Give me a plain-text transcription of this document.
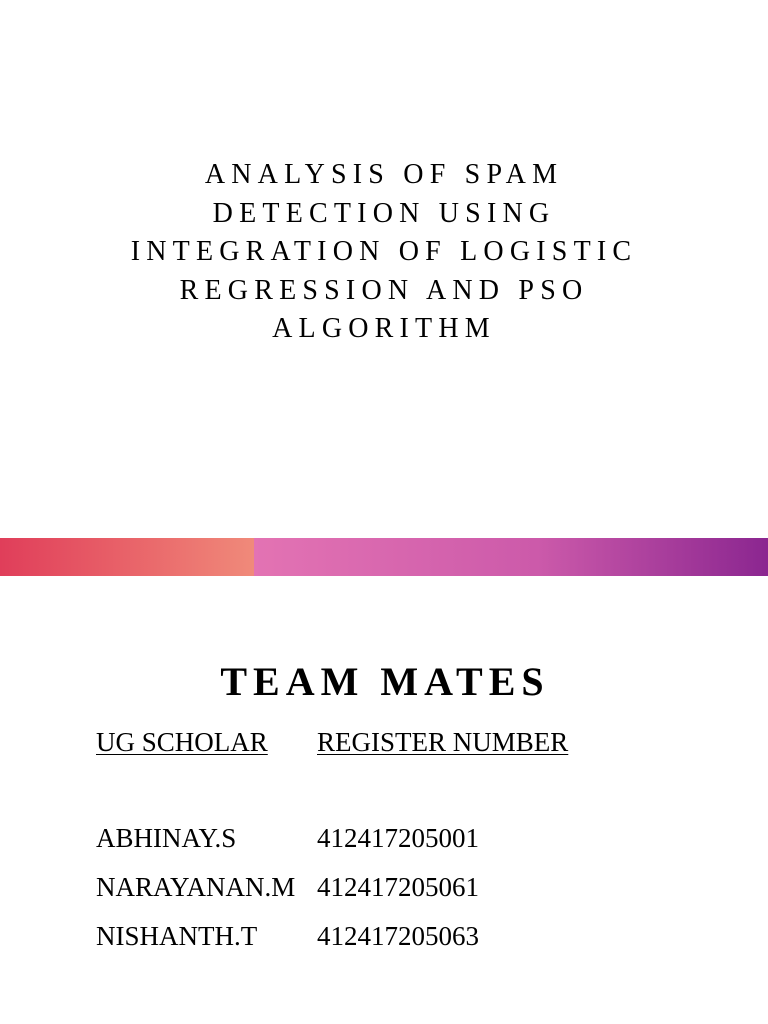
ANALYSIS OF SPAM
DETECTION USING
INTEGRATION OF LOGISTIC
REGRESSION AND PSO
ALGORITHM
TEAM MATES
UG SCHOLAR REGISTER NUMBER
ABHINAY.S	412417205001
NARAYANAN.M 412417205061
NISHANTH.T 412417205063
